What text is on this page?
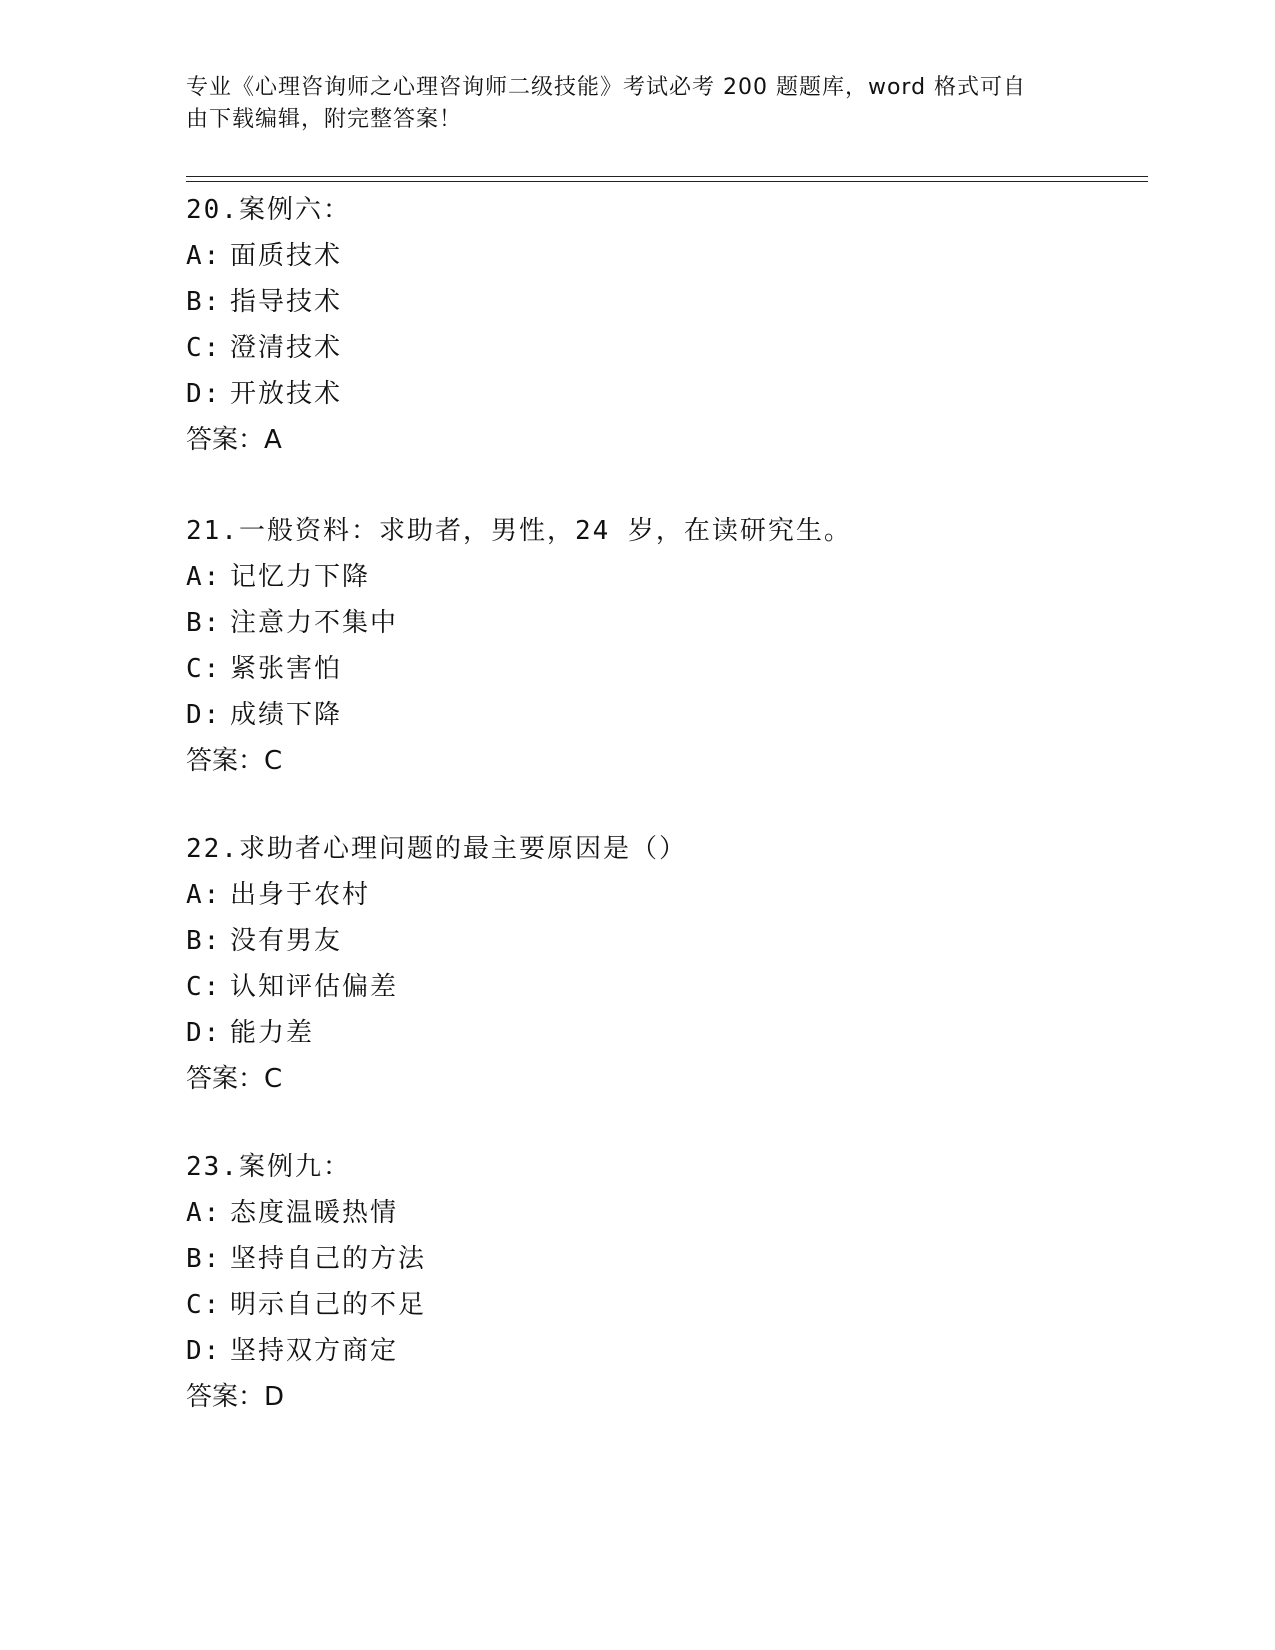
专业《心理咨询师之心理咨询师二级技能》考试必考 200 题题库，word 格式可自
由下载编辑，附完整答案！
20.案例六：
A: 面质技术
B: 指导技术
C: 澄清技术
D: 开放技术
答案：A
21.一般资料：求助者，男性，24 岁，在读研究生。
A: 记忆力下降
B: 注意力不集中
C: 紧张害怕
D: 成绩下降
答案：C
22.求助者心理问题的最主要原因是（）
A: 出身于农村
B: 没有男友
C: 认知评估偏差
D: 能力差
答案：C
23.案例九：
A: 态度温暖热情
B: 坚持自己的方法
C: 明示自己的不足
D: 坚持双方商定
答案：D
